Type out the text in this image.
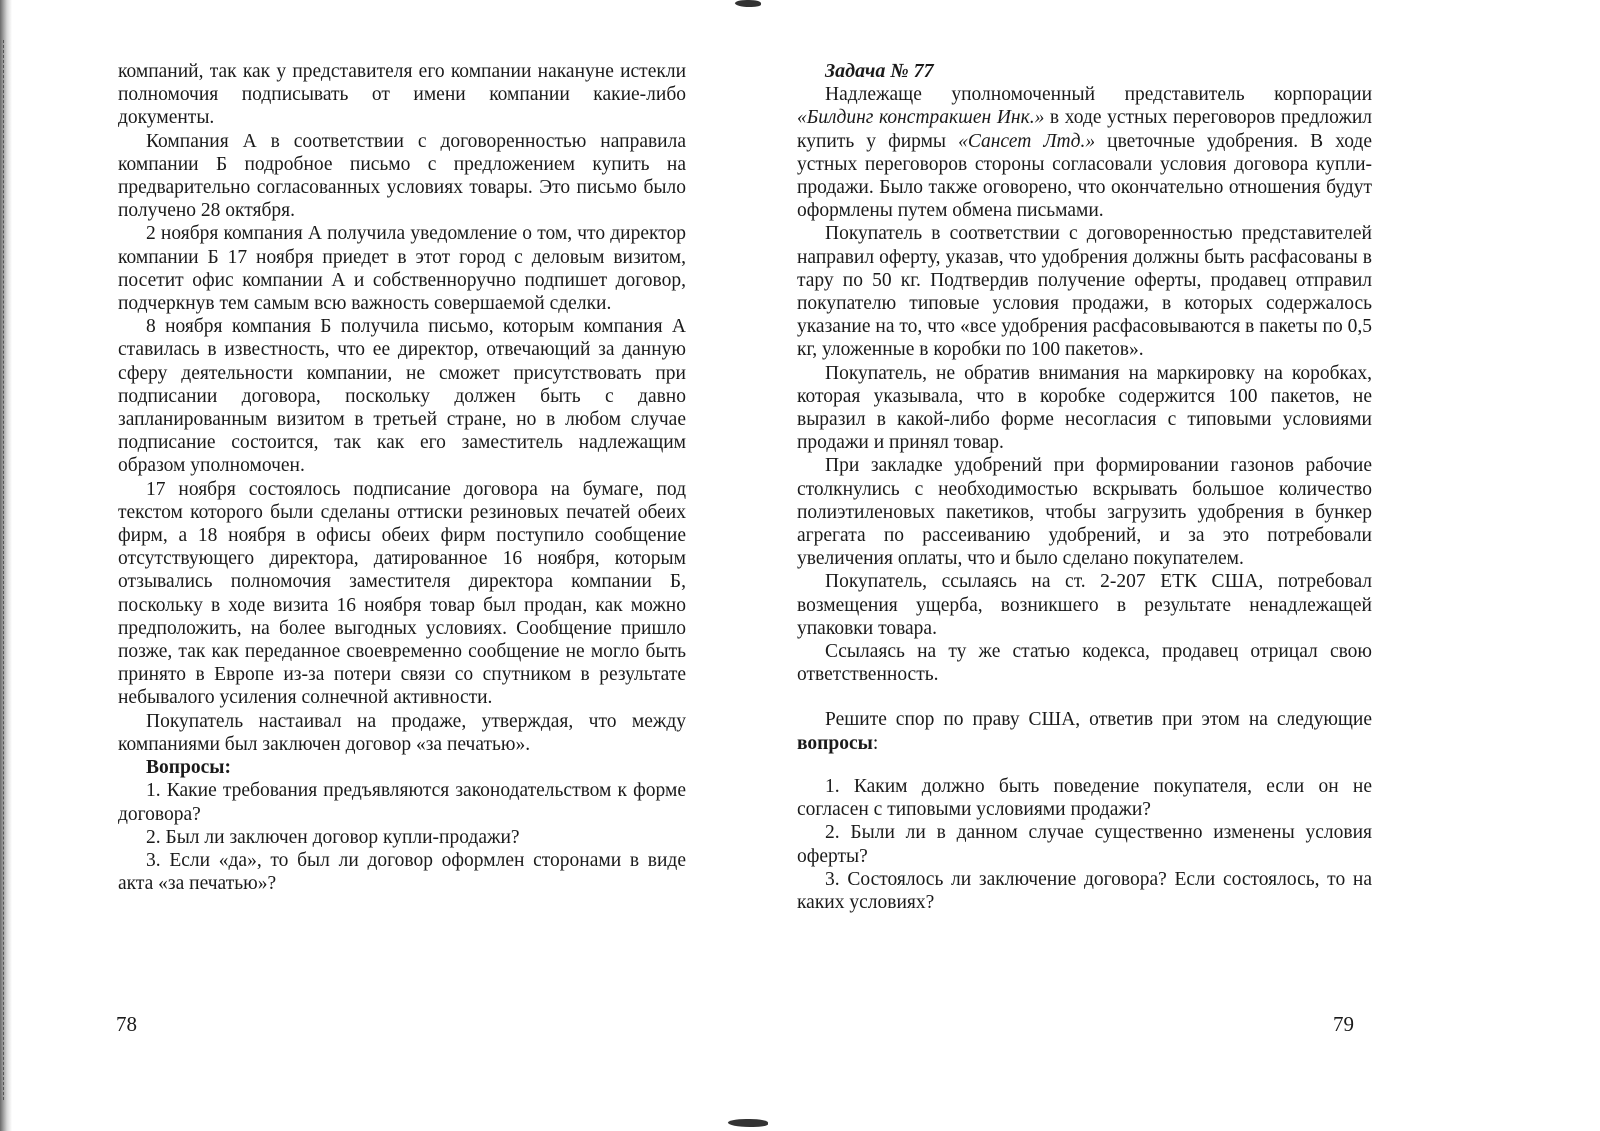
компаний, так как у представителя его компании накануне истекли полномочия подписывать от имени компании какие-либо документы.

Компания А в соответствии с договоренностью направила компании Б подробное письмо с предложением купить на предварительно согласованных условиях товары. Это письмо было получено 28 октября.

2 ноября компания А получила уведомление о том, что директор компании Б 17 ноября приедет в этот город с деловым визитом, посетит офис компании А и собственноручно подпишет договор, подчеркнув тем самым всю важность совершаемой сделки.

8 ноября компания Б получила письмо, которым компания А ставилась в известность, что ее директор, отвечающий за данную сферу деятельности компании, не сможет присутствовать при подписании договора, поскольку должен быть с давно запланированным визитом в третьей стране, но в любом случае подписание состоится, так как его заместитель надлежащим образом уполномочен.

17 ноября состоялось подписание договора на бумаге, под текстом которого были сделаны оттиски резиновых печатей обеих фирм, а 18 ноября в офисы обеих фирм поступило сообщение отсутствующего директора, датированное 16 ноября, которым отзывались полномочия заместителя директора компании Б, поскольку в ходе визита 16 ноября товар был продан, как можно предположить, на более выгодных условиях. Сообщение пришло позже, так как переданное своевременно сообщение не могло быть принято в Европе из-за потери связи со спутником в результате небывалого усиления солнечной активности.

Покупатель настаивал на продаже, утверждая, что между компаниями был заключен договор «за печатью».

Вопросы:

1. Какие требования предъявляются законодательством к форме договора?

2. Был ли заключен договор купли-продажи?

3. Если «да», то был ли договор оформлен сторонами в виде акта «за печатью»?

78

Задача № 77

Надлежаще уполномоченный представитель корпорации «Билдинг констракшен Инк.» в ходе устных переговоров предложил купить у фирмы «Сансет Лтд.» цветочные удобрения. В ходе устных переговоров стороны согласовали условия договора купли-продажи. Было также оговорено, что окончательно отношения будут оформлены путем обмена письмами.

Покупатель в соответствии с договоренностью представителей направил оферту, указав, что удобрения должны быть расфасованы в тару по 50 кг. Подтвердив получение оферты, продавец отправил покупателю типовые условия продажи, в которых содержалось указание на то, что «все удобрения расфасовываются в пакеты по 0,5 кг, уложенные в коробки по 100 пакетов».

Покупатель, не обратив внимания на маркировку на коробках, которая указывала, что в коробке содержится 100 пакетов, не выразил в какой-либо форме несогласия с типовыми условиями продажи и принял товар.

При закладке удобрений при формировании газонов рабочие столкнулись с необходимостью вскрывать большое количество полиэтиленовых пакетиков, чтобы загрузить удобрения в бункер агрегата по рассеиванию удобрений, и за это потребовали увеличения оплаты, что и было сделано покупателем.

Покупатель, ссылаясь на ст. 2-207 ЕТК США, потребовал возмещения ущерба, возникшего в результате ненадлежащей упаковки товара.

Ссылаясь на ту же статью кодекса, продавец отрицал свою ответственность.

Решите спор по праву США, ответив при этом на следующие вопросы:

1. Каким должно быть поведение покупателя, если он не согласен с типовыми условиями продажи?

2. Были ли в данном случае существенно изменены условия оферты?

3. Состоялось ли заключение договора? Если состоялось, то на каких условиях?

79
